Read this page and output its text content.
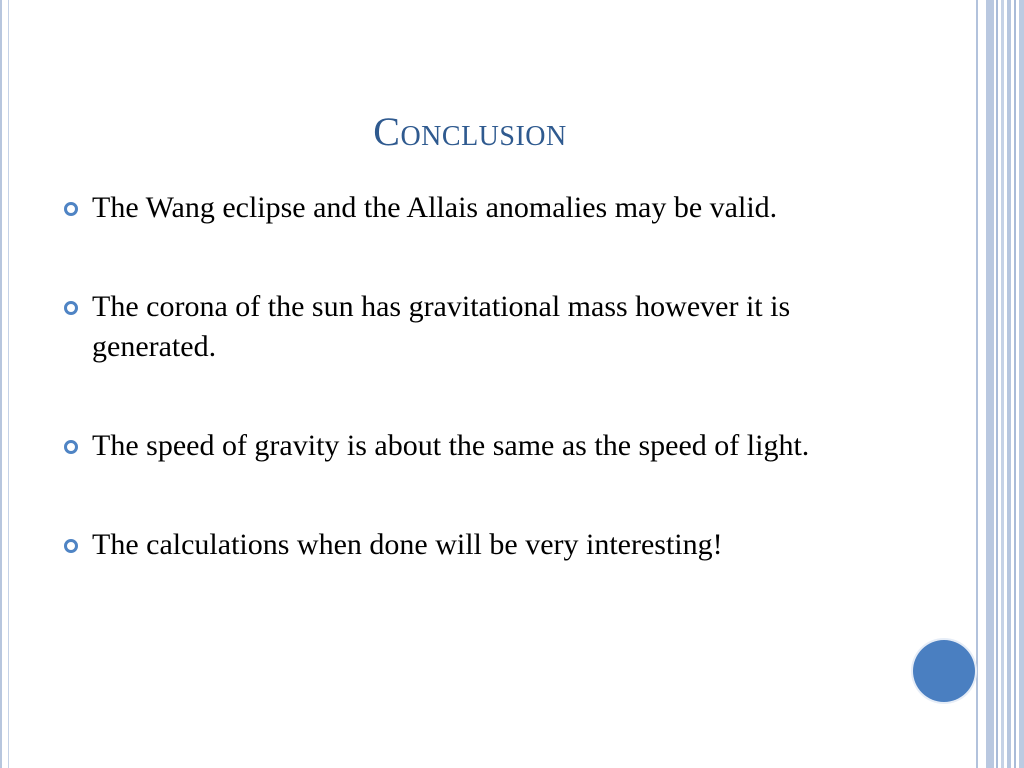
Conclusion
The Wang eclipse and the Allais anomalies may be valid.
The corona of the sun has gravitational mass however it is generated.
The speed of gravity is about the same as the speed of light.
The calculations when done will be very interesting!
